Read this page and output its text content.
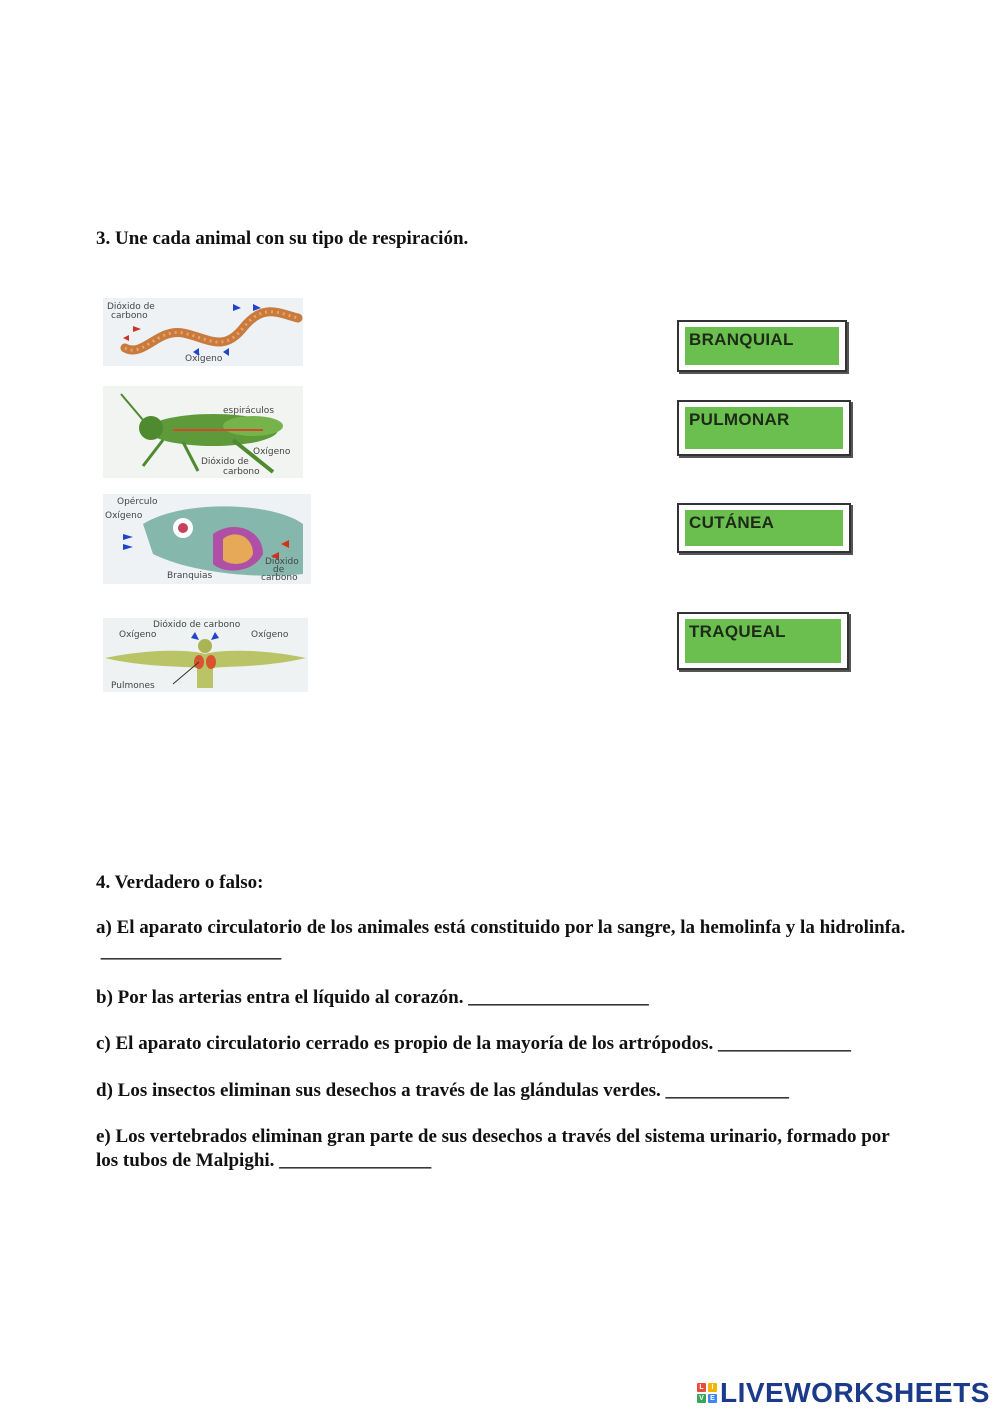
3. Une cada animal con su tipo de respiración.

Dióxido de
carbono
Oxígeno
espiráculos
Oxígeno
Dióxido de
carbono
Opérculo
Oxígeno
Branquias
Dióxido
de
carbono
Dióxido de carbono
Oxígeno	Oxígeno
Pulmones
BRANQUIAL
PULMONAR
CUTÁNEA
TRAQUEAL

4. Verdadero o falso:

a) El aparato circulatorio de los animales está constituido por la sangre, la hemolinfa y la hidrolinfa. ___________________

b) Por las arterias entra el líquido al corazón. ___________________

c) El aparato circulatorio cerrado es propio de la mayoría de los artrópodos. ______________

d) Los insectos eliminan sus desechos a través de las glándulas verdes. _____________

e) Los vertebrados eliminan gran parte de sus desechos a través del sistema urinario, formado por los tubos de Malpighi. ________________

L	I
V E LIVEWORKSHEETS
